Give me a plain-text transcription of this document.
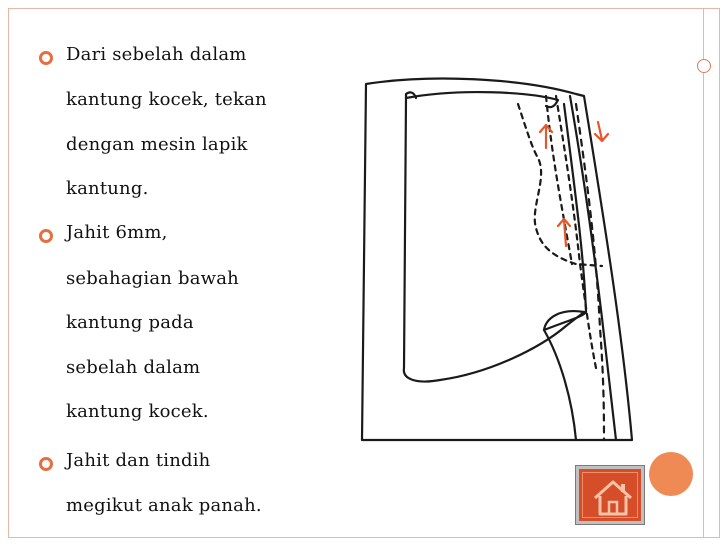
Dari sebelah dalam
kantung kocek, tekan
dengan mesin lapik
kantung.
Jahit 6mm,
sebahagian bawah
kantung pada
sebelah dalam
kantung kocek.
Jahit dan tindih
megikut anak panah.
